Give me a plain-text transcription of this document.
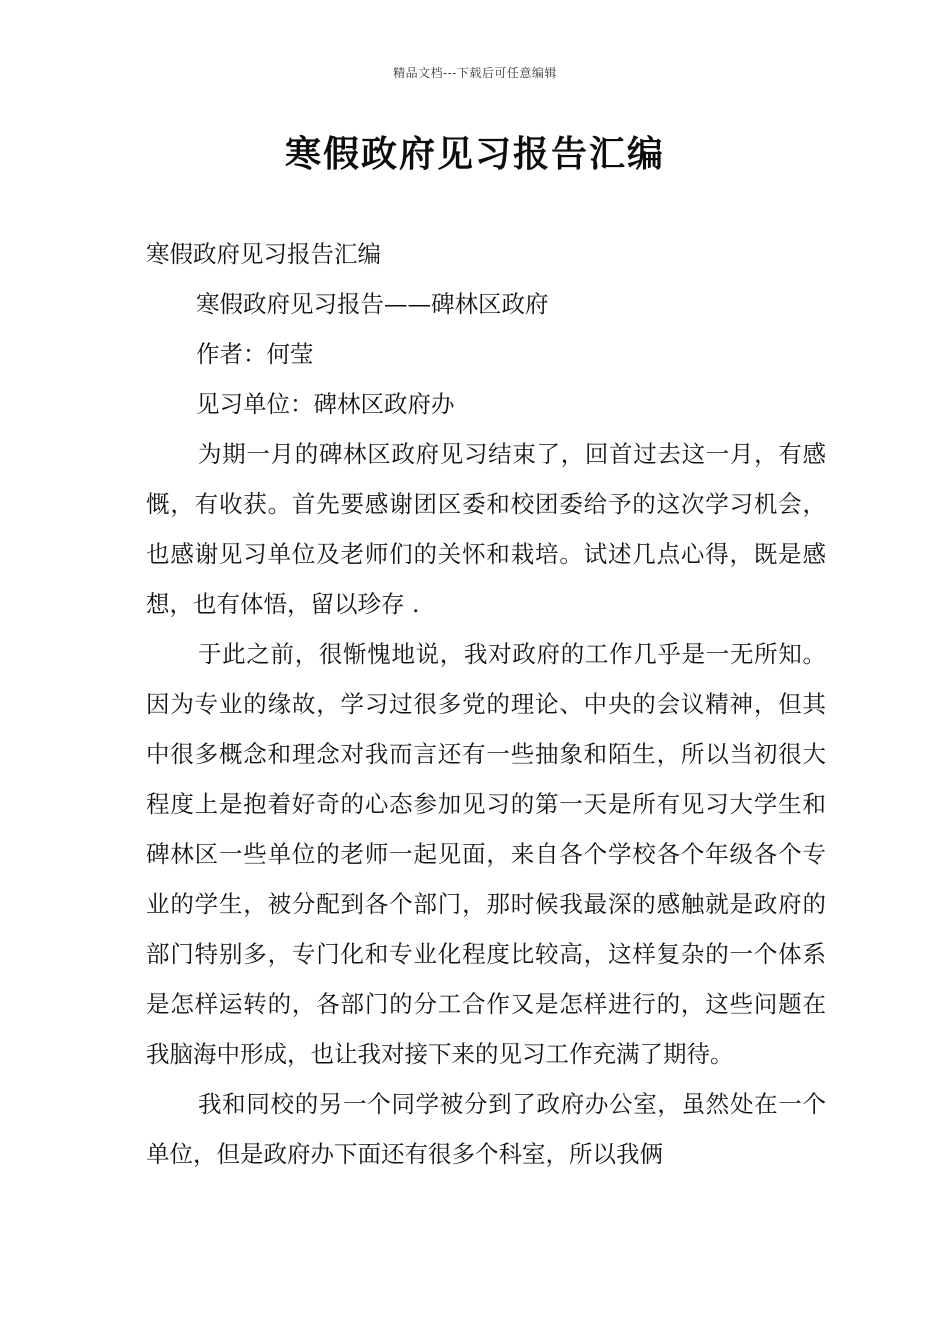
精品文档---下载后可任意编辑
寒假政府见习报告汇编

寒假政府见习报告汇编

寒假政府见习报告——碑林区政府

作者：何莹

见习单位：碑林区政府办

为期一月的碑林区政府见习结束了，回首过去这一月，有感慨，有收获。首先要感谢团区委和校团委给予的这次学习机会，也感谢见习单位及老师们的关怀和栽培。试述几点心得，既是感想，也有体悟，留以珍存 .

于此之前，很惭愧地说，我对政府的工作几乎是一无所知。因为专业的缘故，学习过很多党的理论、中央的会议精神，但其中很多概念和理念对我而言还有一些抽象和陌生，所以当初很大程度上是抱着好奇的心态参加见习的第一天是所有见习大学生和碑林区一些单位的老师一起见面，来自各个学校各个年级各个专业的学生，被分配到各个部门，那时候我最深的感触就是政府的部门特别多，专门化和专业化程度比较高，这样复杂的一个体系是怎样运转的，各部门的分工合作又是怎样进行的，这些问题在我脑海中形成，也让我对接下来的见习工作充满了期待。

我和同校的另一个同学被分到了政府办公室，虽然处在一个单位，但是政府办下面还有很多个科室，所以我俩
